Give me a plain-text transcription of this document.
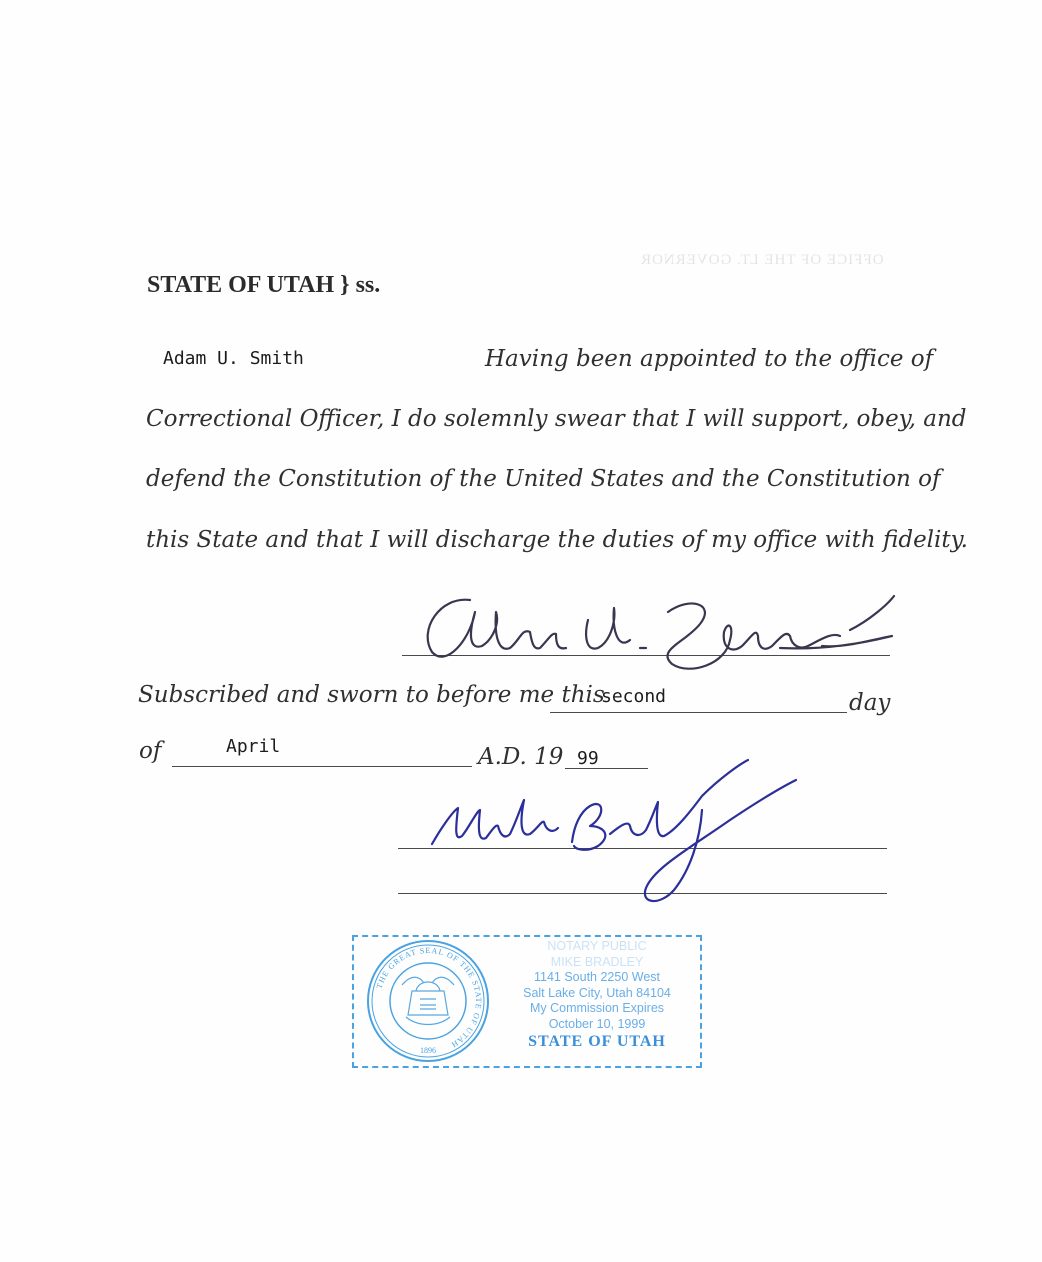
OFFICE OF THE LT. GOVERNOR
STATE OF UTAH } ss.
Adam U. Smith	Having been appointed to the office of
Correctional Officer, I do solemnly swear that I will support, obey, and
defend the Constitution of the United States and the Constitution of
this State and that I will discharge the duties of my office with fidelity.
Subscribed and sworn to before me this
second	day
of	April	A.D. 19 99
THE GREAT SEAL OF THE STATE OF UTAH
1896
NOTARY PUBLIC
MIKE BRADLEY
1141 South 2250 West
Salt Lake City, Utah 84104
My Commission Expires
October 10, 1999
STATE OF UTAH
